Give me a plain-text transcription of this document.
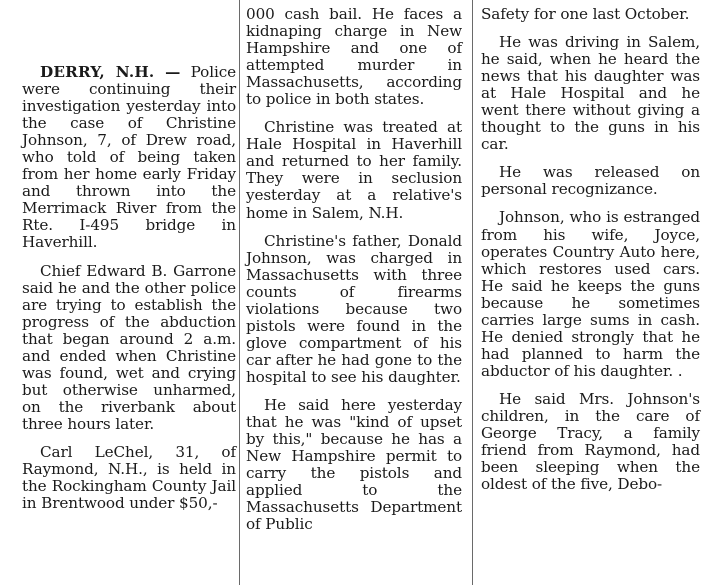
DERRY, N.H. — Police were continuing their investigation yesterday into the case of Christine Johnson, 7, of Drew road, who told of being taken from her home early Friday and thrown into the Merrimack River from the Rte. I-495 bridge in Haverhill.

Chief Edward B. Garrone said he and the other police are trying to establish the progress of the abduction that began around 2 a.m. and ended when Christine was found, wet and crying but otherwise unharmed, on the riverbank about three hours later.

Carl LeChel, 31, of Raymond, N.H., is held in the Rockingham County Jail in Brentwood under $50,-

000 cash bail. He faces a kidnaping charge in New Hampshire and one of attempted murder in Massachusetts, according to police in both states.

Christine was treated at Hale Hospital in Haverhill and returned to her family. They were in seclusion yesterday at a relative's home in Salem, N.H.

Christine's father, Donald Johnson, was charged in Massachusetts with three counts of firearms violations because two pistols were found in the glove compartment of his car after he had gone to the hospital to see his daughter.

He said here yesterday that he was "kind of upset by this," because he has a New Hampshire permit to carry the pistols and applied to the Massachusetts Department of Public

Safety for one last October.

He was driving in Salem, he said, when he heard the news that his daughter was at Hale Hospital and he went there without giving a thought to the guns in his car.

He was released on personal recognizance.

Johnson, who is estranged from his wife, Joyce, operates Country Auto here, which restores used cars. He said he keeps the guns because he sometimes carries large sums in cash. He denied strongly that he had planned to harm the abductor of his daughter. .

He said Mrs. Johnson's children, in the care of George Tracy, a family friend from Raymond, had been sleeping when the oldest of the five, Debo-
